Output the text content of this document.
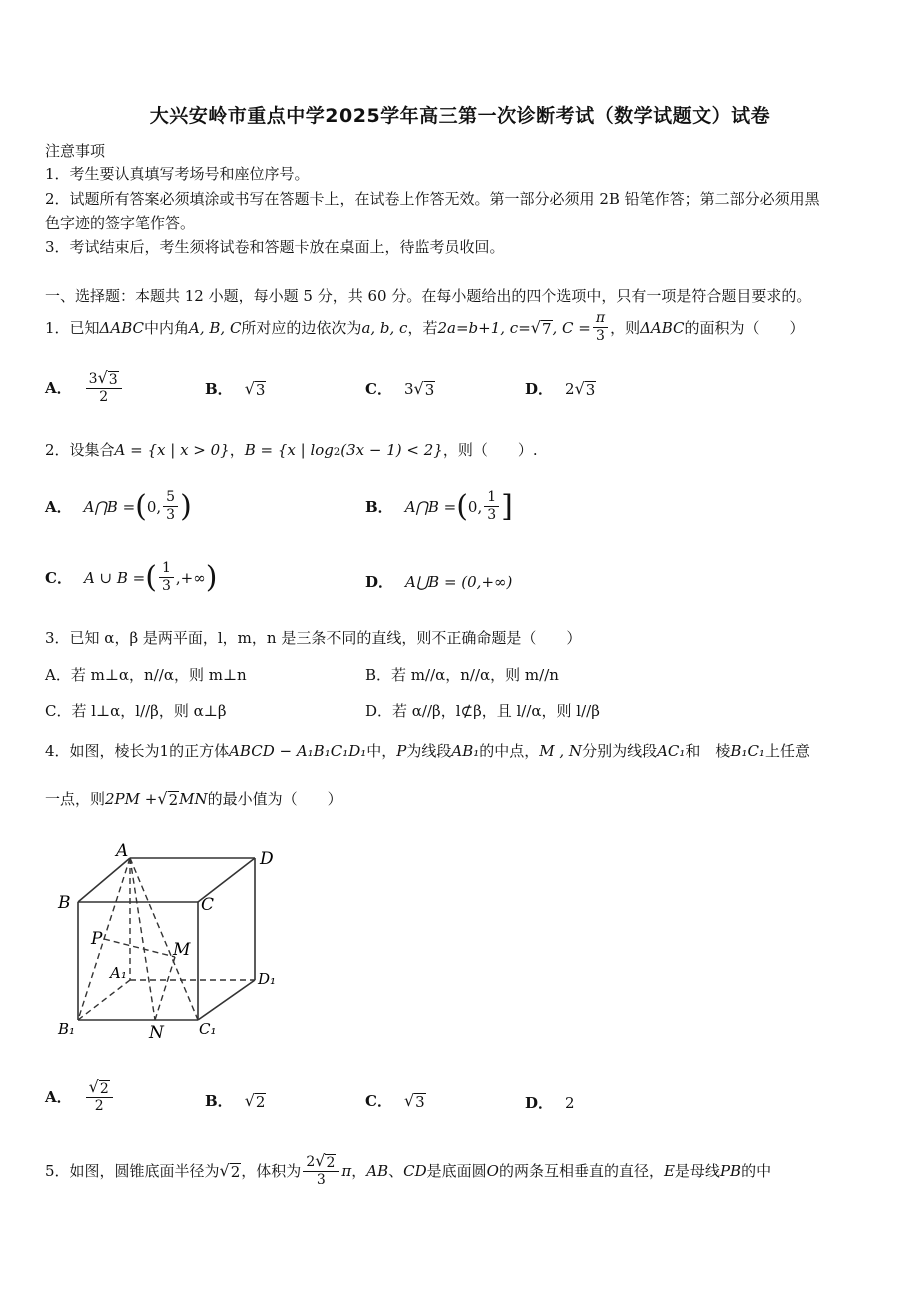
大兴安岭市重点中学2025学年高三第一次诊断考试（数学试题文）试卷
注意事项
1．考生要认真填写考场号和座位序号。
2．试题所有答案必须填涂或书写在答题卡上，在试卷上作答无效。第一部分必须用 2B 铅笔作答；第二部分必须用黑
色字迹的签字笔作答。
3．考试结束后，考生须将试卷和答题卡放在桌面上，待监考员收回。
一、选择题：本题共 12 小题，每小题 5 分，共 60 分。在每小题给出的四个选项中，只有一项是符合题目要求的。
1．已知 ΔABC 中内角 A, B, C 所对应的边依次为 a, b, c ，若 2a=b+1, c= √ 7 , $C = \frac{\pi}{3}$ ，则 ΔABC 的面积为（　　）
A． $\frac{3 √ 3}{2}$	B． √ 3	C． 3 √ 3	D． 2 √ 3
2．设集合 A = {x | x > 0} ， B = {x | log 2 (3x − 1) < 2} ，则（　　）.
A． A⋂B = ( 0, $\frac{5}{3}$ )	B． A⋂B = ( 0, $\frac{1}{3}$ ]
C． A ∪ B = ( $\frac{1}{3}$ ,+∞ )	D． A⋃B = (0,+∞)
3．已知 α，β 是两平面，l，m，n 是三条不同的直线，则不正确命题是（　　）
A．若 m⊥α，n//α，则 m⊥n	B．若 m//α，n//α，则 m//n
C．若 l⊥α，l//β，则 α⊥β	D．若 α//β，l⊄β，且 l//α，则 l//β
4．如图，棱长为1的正方体 ABCD − A₁B₁C₁D₁ 中， P 为线段 AB₁ 的中点， M , N 分别为线段 AC₁ 和　棱 B₁C₁ 上任意
一点，则 2PM + √ 2 MN 的最小值为（　　）
A	D
B	C
P
M
A₁	D₁
B₁	N C₁
A． $\frac{√ 2}{2}$	B． √ 2	C． √ 3	D． 2
5．如图，圆锥底面半径为 √ 2 ，体积为 $\frac{2 √ 2}{3}$ π ， AB 、 CD 是底面圆 O 的两条互相垂直的直径， E 是母线 PB 的中
